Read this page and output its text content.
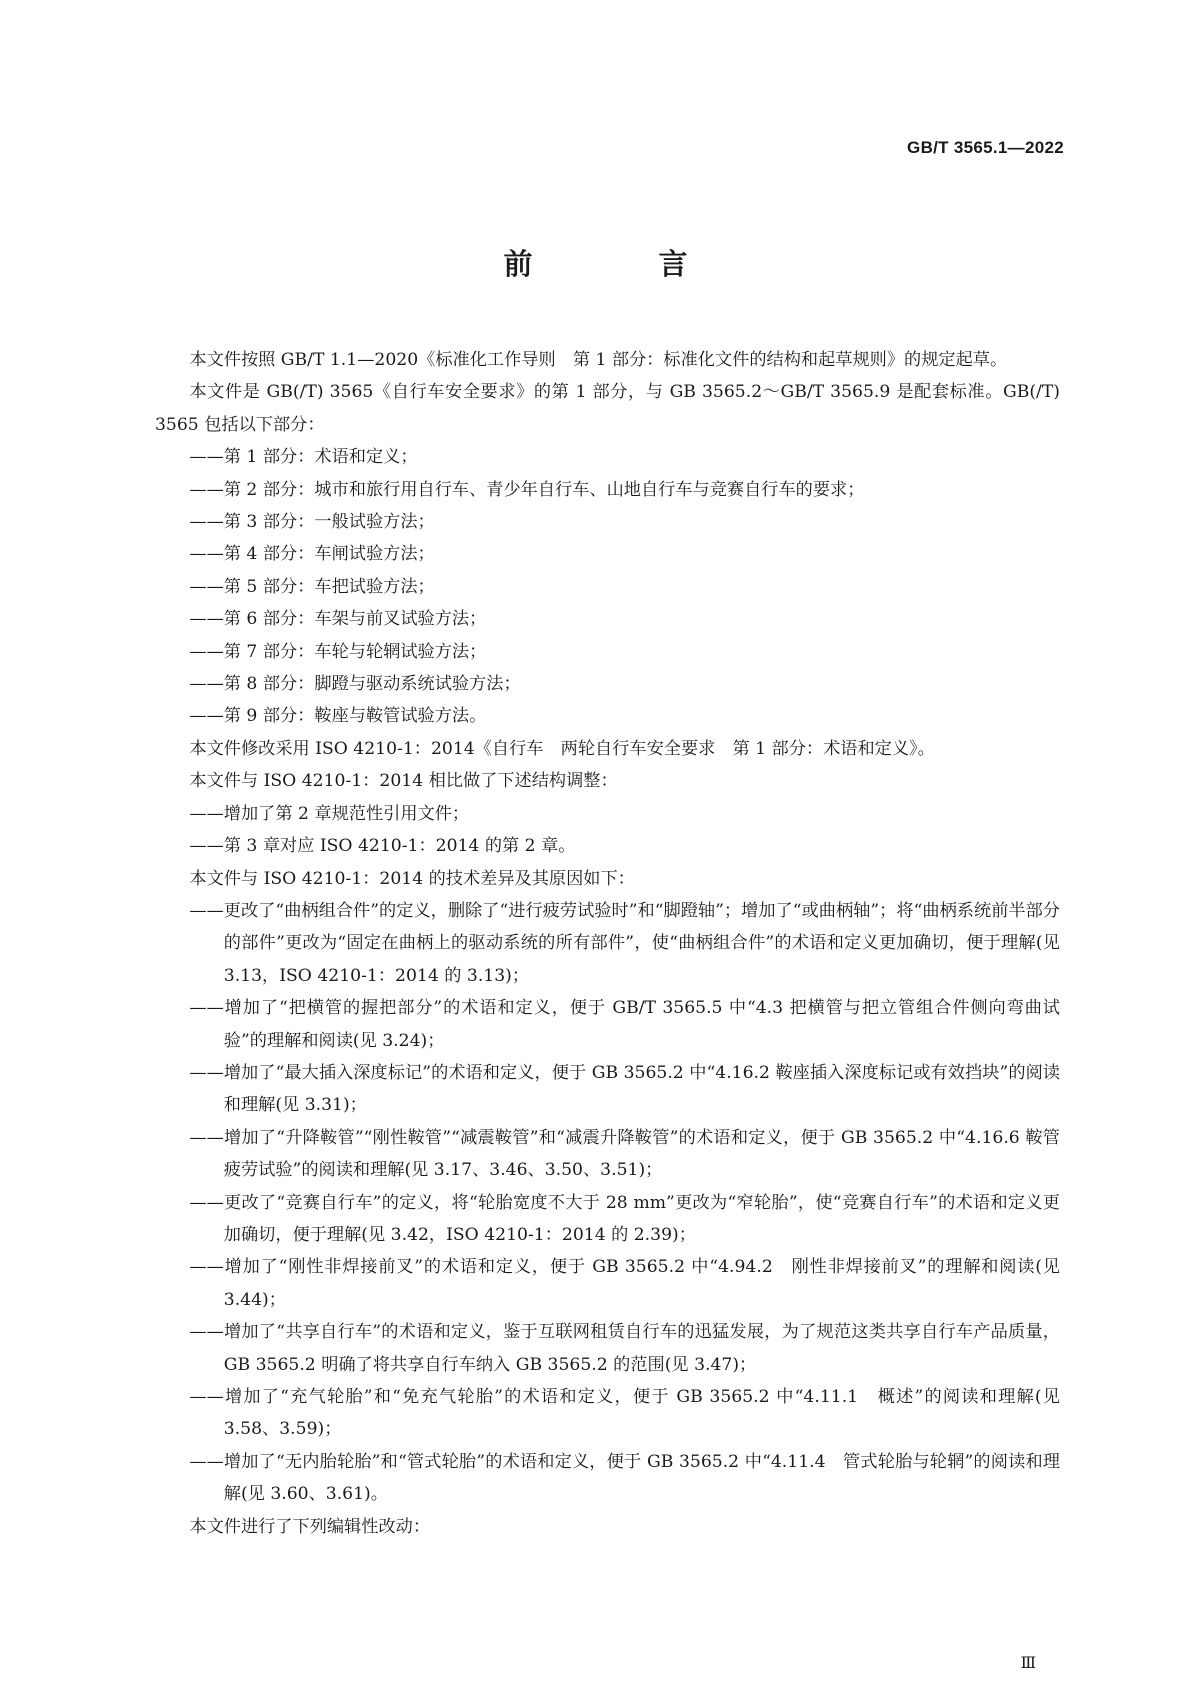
GB/T 3565.1—2022
前 言

本文件按照 GB/T 1.1—2020《标准化工作导则　第 1 部分：标准化文件的结构和起草规则》的规定起草。

本文件是 GB(/T) 3565《自行车安全要求》的第 1 部分，与 GB 3565.2～GB/T 3565.9 是配套标准。GB(/T) 3565 包括以下部分：

——第 1 部分：术语和定义；

——第 2 部分：城市和旅行用自行车、青少年自行车、山地自行车与竞赛自行车的要求；

——第 3 部分：一般试验方法；

——第 4 部分：车闸试验方法；

——第 5 部分：车把试验方法；

——第 6 部分：车架与前叉试验方法；

——第 7 部分：车轮与轮辋试验方法；

——第 8 部分：脚蹬与驱动系统试验方法；

——第 9 部分：鞍座与鞍管试验方法。

本文件修改采用 ISO 4210-1：2014《自行车　两轮自行车安全要求　第 1 部分：术语和定义》。

本文件与 ISO 4210-1：2014 相比做了下述结构调整：

——增加了第 2 章规范性引用文件；

——第 3 章对应 ISO 4210-1：2014 的第 2 章。

本文件与 ISO 4210-1：2014 的技术差异及其原因如下：

——更改了“曲柄组合件”的定义，删除了“进行疲劳试验时”和“脚蹬轴”；增加了“或曲柄轴”；将“曲柄系统前半部分的部件”更改为“固定在曲柄上的驱动系统的所有部件”，使“曲柄组合件”的术语和定义更加确切，便于理解(见 3.13，ISO 4210-1：2014 的 3.13)；

——增加了“把横管的握把部分”的术语和定义，便于 GB/T 3565.5 中“4.3 把横管与把立管组合件侧向弯曲试验”的理解和阅读(见 3.24)；

——增加了“最大插入深度标记”的术语和定义，便于 GB 3565.2 中“4.16.2 鞍座插入深度标记或有效挡块”的阅读和理解(见 3.31)；

——增加了“升降鞍管”“刚性鞍管”“减震鞍管”和“减震升降鞍管”的术语和定义，便于 GB 3565.2 中“4.16.6 鞍管疲劳试验”的阅读和理解(见 3.17、3.46、3.50、3.51)；

——更改了“竞赛自行车”的定义，将“轮胎宽度不大于 28 mm”更改为“窄轮胎”，使“竞赛自行车”的术语和定义更加确切，便于理解(见 3.42，ISO 4210-1：2014 的 2.39)；

——增加了“刚性非焊接前叉”的术语和定义，便于 GB 3565.2 中“4.94.2　刚性非焊接前叉”的理解和阅读(见 3.44)；

——增加了“共享自行车”的术语和定义，鉴于互联网租赁自行车的迅猛发展，为了规范这类共享自行车产品质量，GB 3565.2 明确了将共享自行车纳入 GB 3565.2 的范围(见 3.47)；

——增加了“充气轮胎”和“免充气轮胎”的术语和定义，便于 GB 3565.2 中“4.11.1　概述”的阅读和理解(见 3.58、3.59)；

——增加了“无内胎轮胎”和“管式轮胎”的术语和定义，便于 GB 3565.2 中“4.11.4　管式轮胎与轮辋”的阅读和理解(见 3.60、3.61)。

本文件进行了下列编辑性改动：

Ⅲ
